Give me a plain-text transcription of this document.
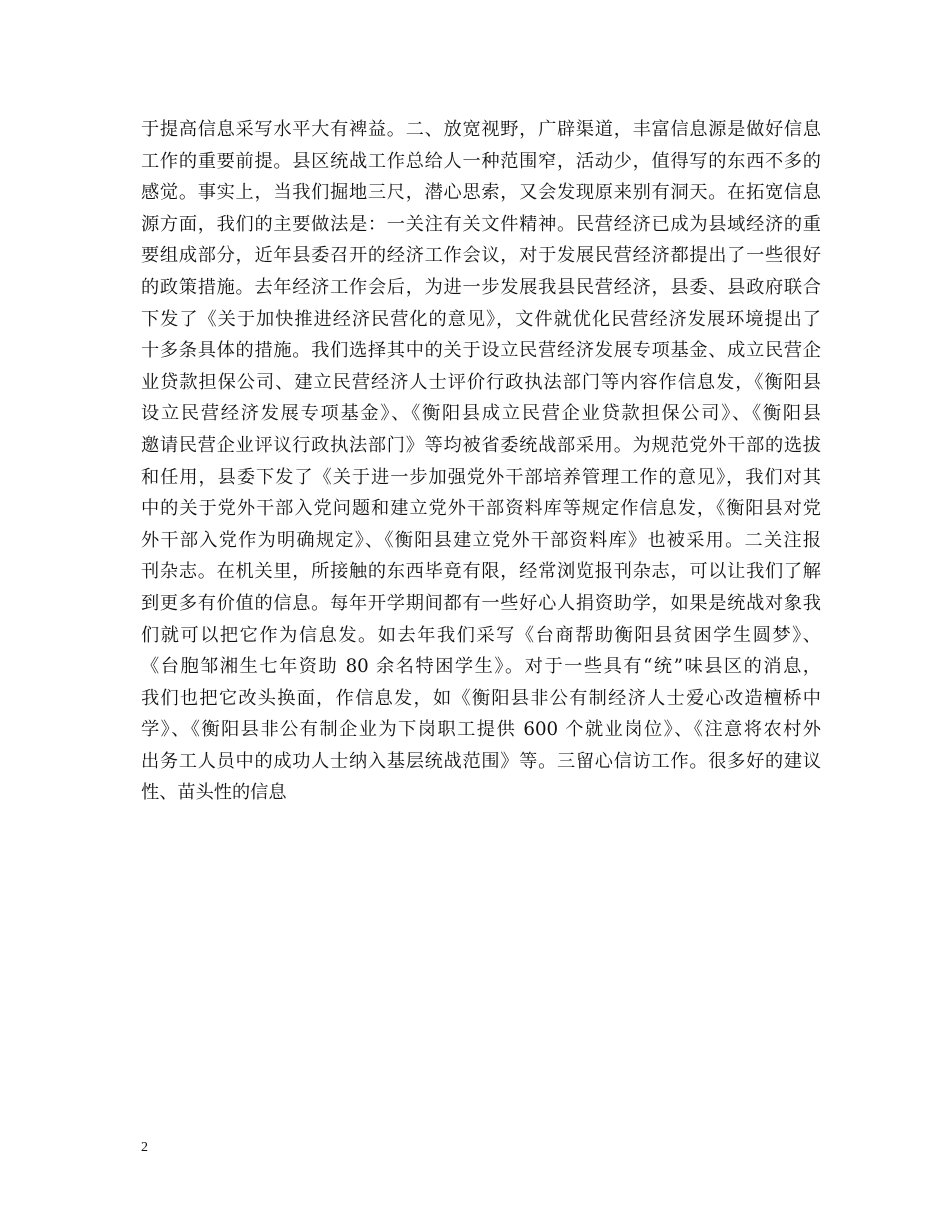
于提高信息采写水平大有裨益。二、放宽视野，广辟渠道，丰富信息源是做好信息
工作的重要前提。县区统战工作总给人一种范围窄，活动少，值得写的东西不多的
感觉。事实上，当我们掘地三尺，潜心思索，又会发现原来别有洞天。在拓宽信息
源方面，我们的主要做法是：一关注有关文件精神。民营经济已成为县域经济的重
要组成部分，近年县委召开的经济工作会议，对于发展民营经济都提出了一些很好
的政策措施。去年经济工作会后，为进一步发展我县民营经济，县委、县政府联合
下发了《关于加快推进经济民营化的意见》，文件就优化民营经济发展环境提出了
十多条具体的措施。我们选择其中的关于设立民营经济发展专项基金、成立民营企
业贷款担保公司、建立民营经济人士评价行政执法部门等内容作信息发，《衡阳县
设立民营经济发展专项基金》、《衡阳县成立民营企业贷款担保公司》、《衡阳县
邀请民营企业评议行政执法部门》等均被省委统战部采用。为规范党外干部的选拔
和任用，县委下发了《关于进一步加强党外干部培养管理工作的意见》，我们对其
中的关于党外干部入党问题和建立党外干部资料库等规定作信息发，《衡阳县对党
外干部入党作为明确规定》、《衡阳县建立党外干部资料库》也被采用。二关注报
刊杂志。在机关里，所接触的东西毕竟有限，经常浏览报刊杂志，可以让我们了解
到更多有价值的信息。每年开学期间都有一些好心人捐资助学，如果是统战对象我
们就可以把它作为信息发。如去年我们采写《台商帮助衡阳县贫困学生圆梦》、
《台胞邹湘生七年资助 80 余名特困学生》。对于一些具有“统”味县区的消息，
我们也把它改头换面，作信息发，如《衡阳县非公有制经济人士爱心改造檀桥中
学》、《衡阳县非公有制企业为下岗职工提供 600 个就业岗位》、《注意将农村外
出务工人员中的成功人士纳入基层统战范围》等。三留心信访工作。很多好的建议
性、苗头性的信息
2
